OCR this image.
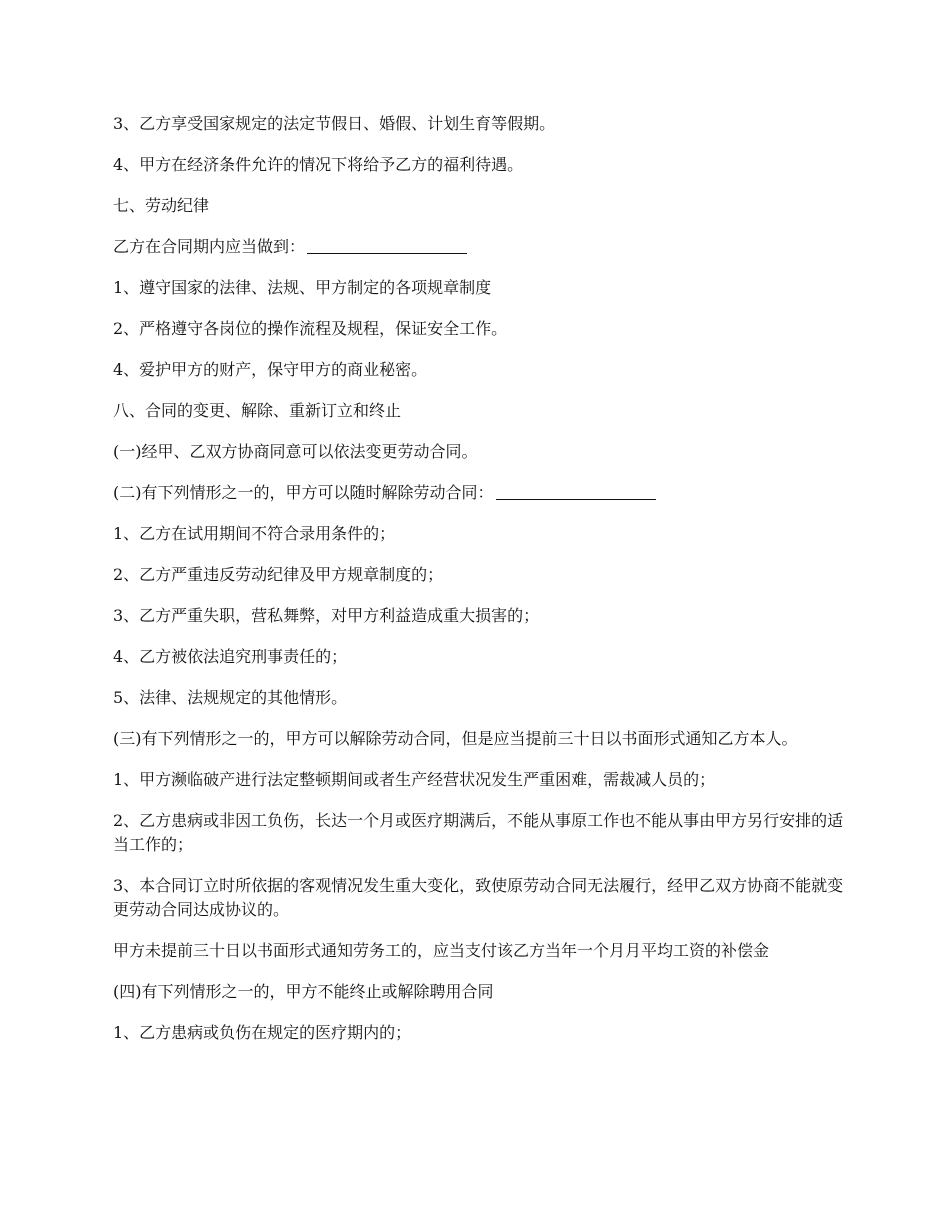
3、乙方享受国家规定的法定节假日、婚假、计划生育等假期。

4、甲方在经济条件允许的情况下将给予乙方的福利待遇。

七、劳动纪律

乙方在合同期内应当做到：

1、遵守国家的法律、法规、甲方制定的各项规章制度

2、严格遵守各岗位的操作流程及规程，保证安全工作。

4、爱护甲方的财产，保守甲方的商业秘密。

八、合同的变更、解除、重新订立和终止

(一)经甲、乙双方协商同意可以依法变更劳动合同。

(二)有下列情形之一的，甲方可以随时解除劳动合同：

1、乙方在试用期间不符合录用条件的；

2、乙方严重违反劳动纪律及甲方规章制度的；

3、乙方严重失职，营私舞弊，对甲方利益造成重大损害的；

4、乙方被依法追究刑事责任的；

5、法律、法规规定的其他情形。

(三)有下列情形之一的，甲方可以解除劳动合同，但是应当提前三十日以书面形式通知乙方本人。

1、甲方濒临破产进行法定整顿期间或者生产经营状况发生严重困难，需裁减人员的；

2、乙方患病或非因工负伤，长达一个月或医疗期满后，不能从事原工作也不能从事由甲方另行安排的适当工作的；

3、本合同订立时所依据的客观情况发生重大变化，致使原劳动合同无法履行，经甲乙双方协商不能就变更劳动合同达成协议的。

甲方未提前三十日以书面形式通知劳务工的，应当支付该乙方当年一个月月平均工资的补偿金

(四)有下列情形之一的，甲方不能终止或解除聘用合同

1、乙方患病或负伤在规定的医疗期内的；
